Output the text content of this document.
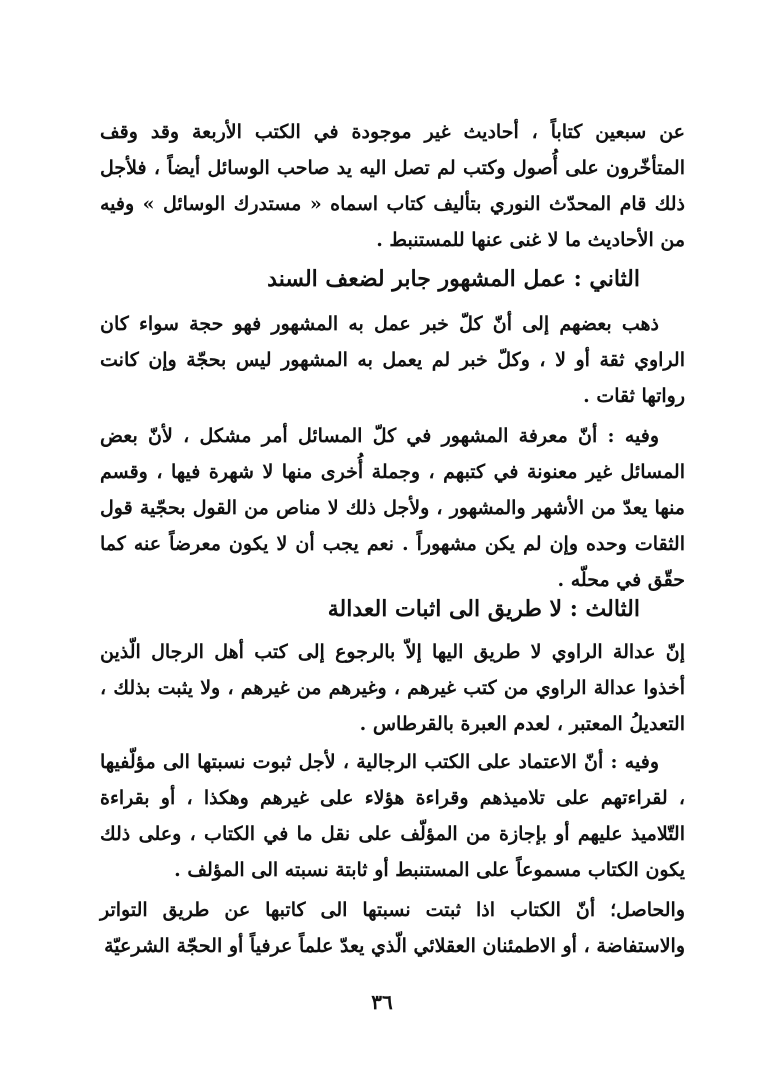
عن سبعين كتاباً ، أحاديث غير موجودة في الكتب الأربعة وقد وقف المتأخّرون على أُصول وكتب لم تصل اليه يد صاحب الوسائل أيضاً ، فلأجل ذلك قام المحدّث النوري بتأليف كتاب اسماه « مستدرك الوسائل » وفيه من الأحاديث ما لا غنى عنها للمستنبط .

الثاني : عمل المشهور جابر لضعف السند

ذهب بعضهم إلى أنّ كلّ خبر عمل به المشهور فهو حجة سواء كان الراوي ثقة أو لا ، وكلّ خبر لم يعمل به المشهور ليس بحجّة وإن كانت رواتها ثقات .

وفيه : أنّ معرفة المشهور في كلّ المسائل أمر مشكل ، لأنّ بعض المسائل غير معنونة في كتبهم ، وجملة أُخرى منها لا شهرة فيها ، وقسم منها يعدّ من الأشهر والمشهور ، ولأجل ذلك لا مناص من القول بحجّية قول الثقات وحده وإن لم يكن مشهوراً . نعم يجب أن لا يكون معرضاً عنه كما حقّق في محلّه .

الثالث : لا طريق الى اثبات العدالة

إنّ عدالة الراوي لا طريق اليها إلاّ بالرجوع إلى كتب أهل الرجال الّذين أخذوا عدالة الراوي من كتب غيرهم ، وغيرهم من غيرهم ، ولا يثبت بذلك ، التعديلُ المعتبر ، لعدم العبرة بالقرطاس .

وفيه : أنّ الاعتماد على الكتب الرجالية ، لأجل ثبوت نسبتها الى مؤلّفيها ، لقراءتهم على تلاميذهم وقراءة هؤلاء على غيرهم وهكذا ، أو بقراءة التّلاميذ عليهم أو بإجازة من المؤلّف على نقل ما في الكتاب ، وعلى ذلك يكون الكتاب مسموعاً على المستنبط أو ثابتة نسبته الى المؤلف .

والحاصل؛ أنّ الكتاب اذا ثبتت نسبتها الى كاتبها عن طريق التواتر والاستفاضة ، أو الاطمئنان العقلائي الّذي يعدّ علماً عرفياً أو الحجّة الشرعيّة

٣٦
